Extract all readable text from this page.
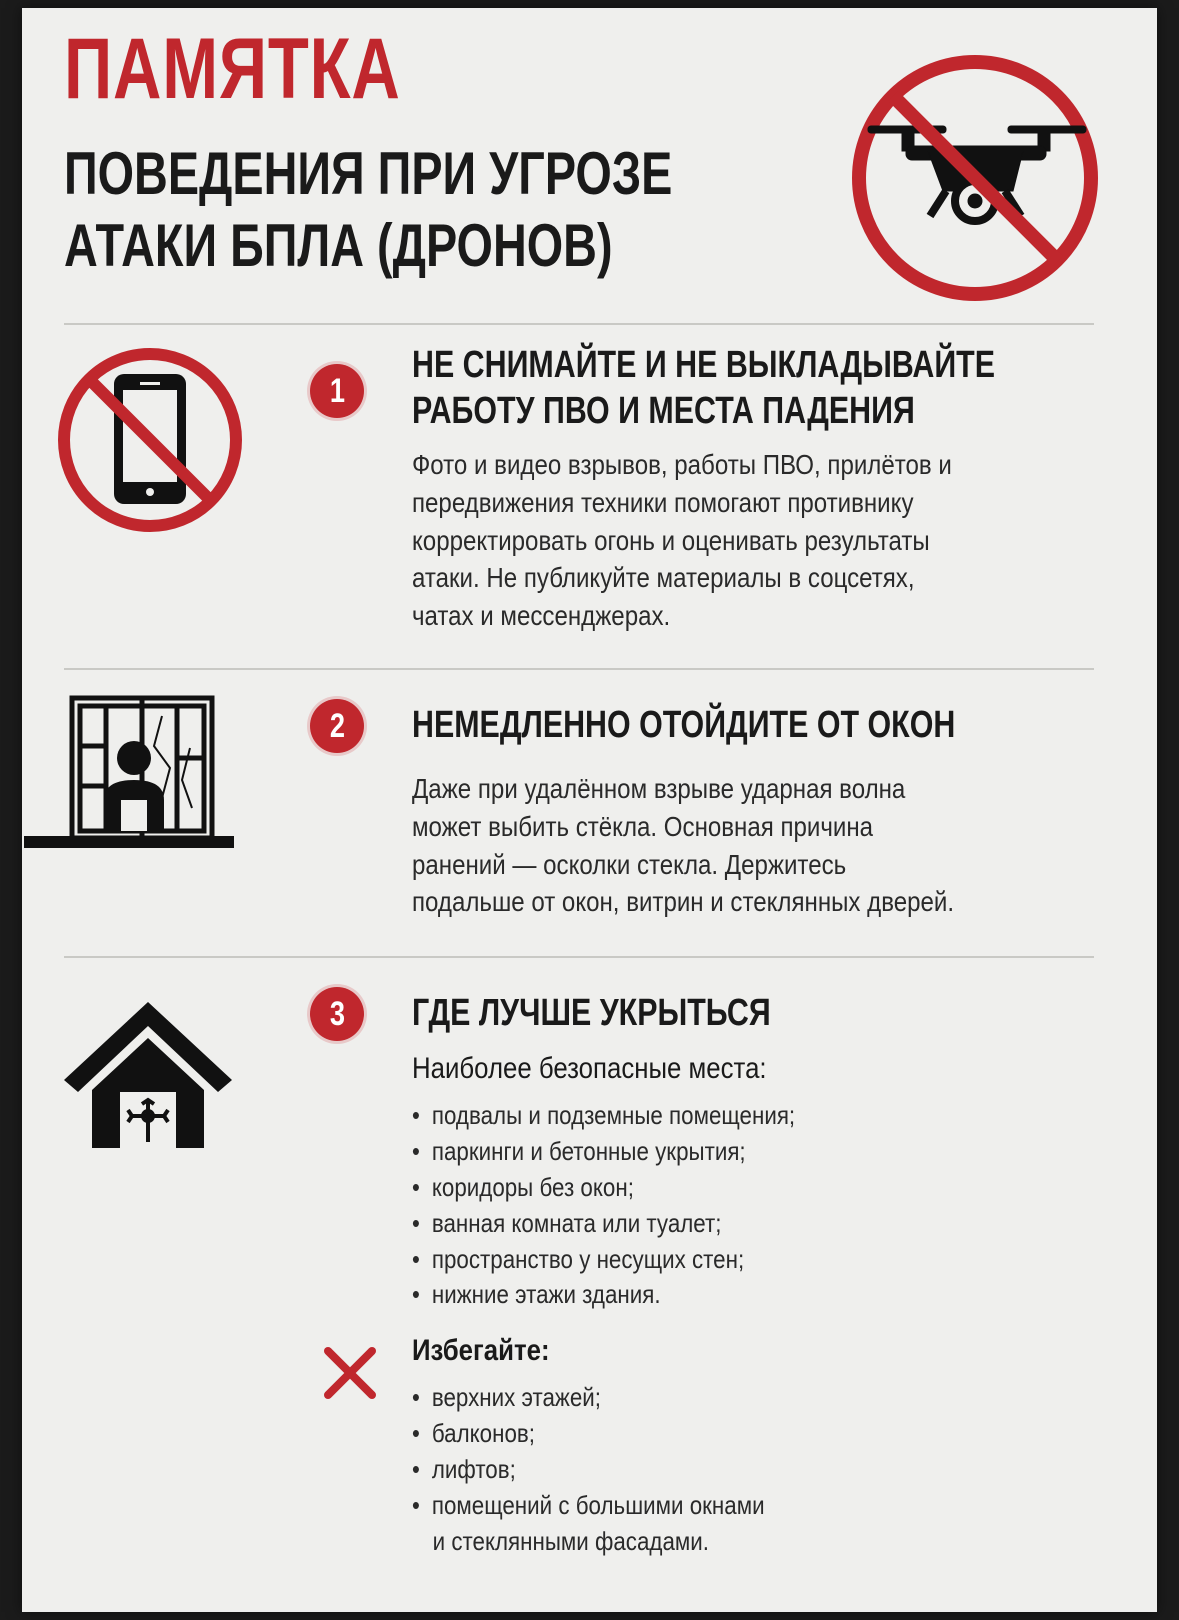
ПАМЯТКА
ПОВЕДЕНИЯ ПРИ УГРОЗЕ
АТАКИ БПЛА (ДРОНОВ)
1
НЕ СНИМАЙТЕ И НЕ ВЫКЛАДЫВАЙТЕ
РАБОТУ ПВО И МЕСТА ПАДЕНИЯ

Фото и видео взрывов, работы ПВО, прилётов и

передвижения техники помогают противнику

корректировать огонь и оценивать результаты

атаки. Не публикуйте материалы в соцсетях,

чатах и мессенджерах.

2 НЕМЕДЛЕННО ОТОЙДИТЕ ОТ ОКОН

Даже при удалённом взрыве ударная волна

может выбить стёкла. Основная причина

ранений — осколки стекла. Держитесь

подальше от окон, витрин и стеклянных дверей.

3 ГДЕ ЛУЧШЕ УКРЫТЬСЯ
Наиболее безопасные места:
• подвалы и подземные помещения;
• паркинги и бетонные укрытия;
• коридоры без окон;
• ванная комната или туалет;
• пространство у несущих стен;
• нижние этажи здания.
Избегайте:
• верхних этажей;
• балконов;
• лифтов;
• помещений с большими окнами
и стеклянными фасадами.
